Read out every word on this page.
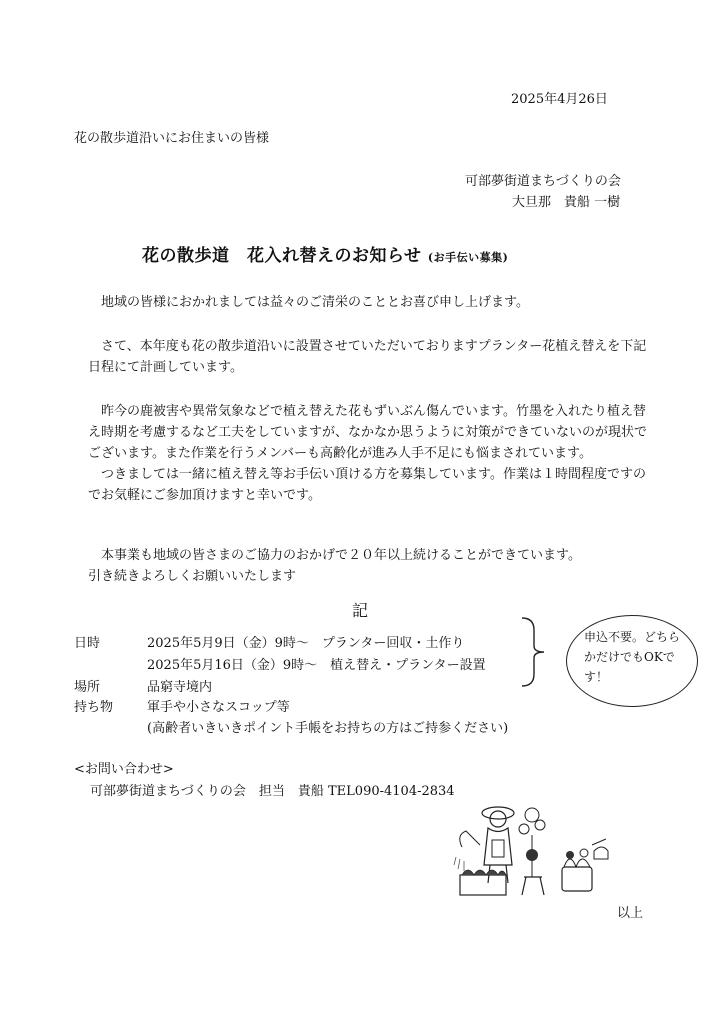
2025年4月26日
花の散歩道沿いにお住まいの皆様
可部夢街道まちづくりの会
大旦那　貴船 一樹
花の散歩道　花入れ替えのお知らせ (お手伝い募集)

地域の皆様におかれましては益々のご清栄のこととお喜び申し上げます。

さて、本年度も花の散歩道沿いに設置させていただいておりますプランター花植え替えを下記日程にて計画しています。

昨今の鹿被害や異常気象などで植え替えた花もずいぶん傷んでいます。竹墨を入れたり植え替え時期を考慮するなど工夫をしていますが、なかなか思うように対策ができていないのが現状でございます。また作業を行うメンバーも高齢化が進み人手不足にも悩まされています。

つきましては一緒に植え替え等お手伝い頂ける方を募集しています。作業は１時間程度ですのでお気軽にご参加頂けますと幸いです。

本事業も地域の皆さまのご協力のおかげで２０年以上続けることができています。

引き続きよろしくお願いいたします

記
日時	2025年5月9日（金）9時～　プランター回収・土作り
2025年5月16日（金）9時～　植え替え・プランター設置
場所	品窮寺境内
持ち物	軍手や小さなスコップ等
(高齢者いきいきポイント手帳をお持ちの方はご持参ください)
申込不要。どちらかだけでもOKです！
<お問い合わせ>
可部夢街道まちづくりの会　担当　貴船 TEL090-4104-2834
以上
